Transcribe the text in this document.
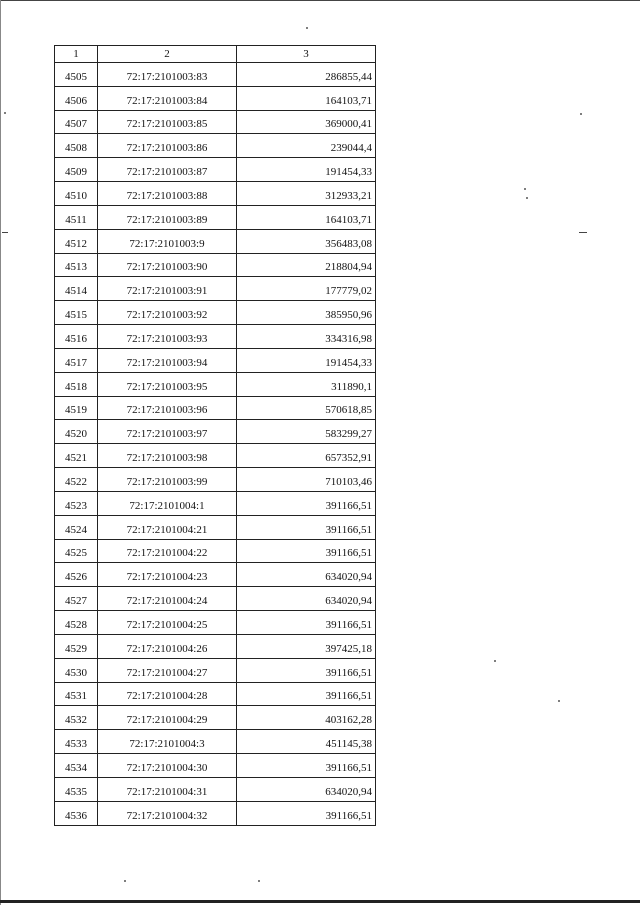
1	2	3
4505	72:17:2101003:83	286855,44
4506	72:17:2101003:84	164103,71
4507	72:17:2101003:85	369000,41
4508	72:17:2101003:86	239044,4
4509	72:17:2101003:87	191454,33
4510	72:17:2101003:88	312933,21
4511	72:17:2101003:89	164103,71
4512	72:17:2101003:9	356483,08
4513	72:17:2101003:90	218804,94
4514	72:17:2101003:91	177779,02
4515	72:17:2101003:92	385950,96
4516	72:17:2101003:93	334316,98
4517	72:17:2101003:94	191454,33
4518	72:17:2101003:95	311890,1
4519	72:17:2101003:96	570618,85
4520	72:17:2101003:97	583299,27
4521	72:17:2101003:98	657352,91
4522	72:17:2101003:99	710103,46
4523	72:17:2101004:1	391166,51
4524	72:17:2101004:21	391166,51
4525	72:17:2101004:22	391166,51
4526	72:17:2101004:23	634020,94
4527	72:17:2101004:24	634020,94
4528	72:17:2101004:25	391166,51
4529	72:17:2101004:26	397425,18
4530	72:17:2101004:27	391166,51
4531	72:17:2101004:28	391166,51
4532	72:17:2101004:29	403162,28
4533	72:17:2101004:3	451145,38
4534	72:17:2101004:30	391166,51
4535	72:17:2101004:31	634020,94
4536	72:17:2101004:32	391166,51
